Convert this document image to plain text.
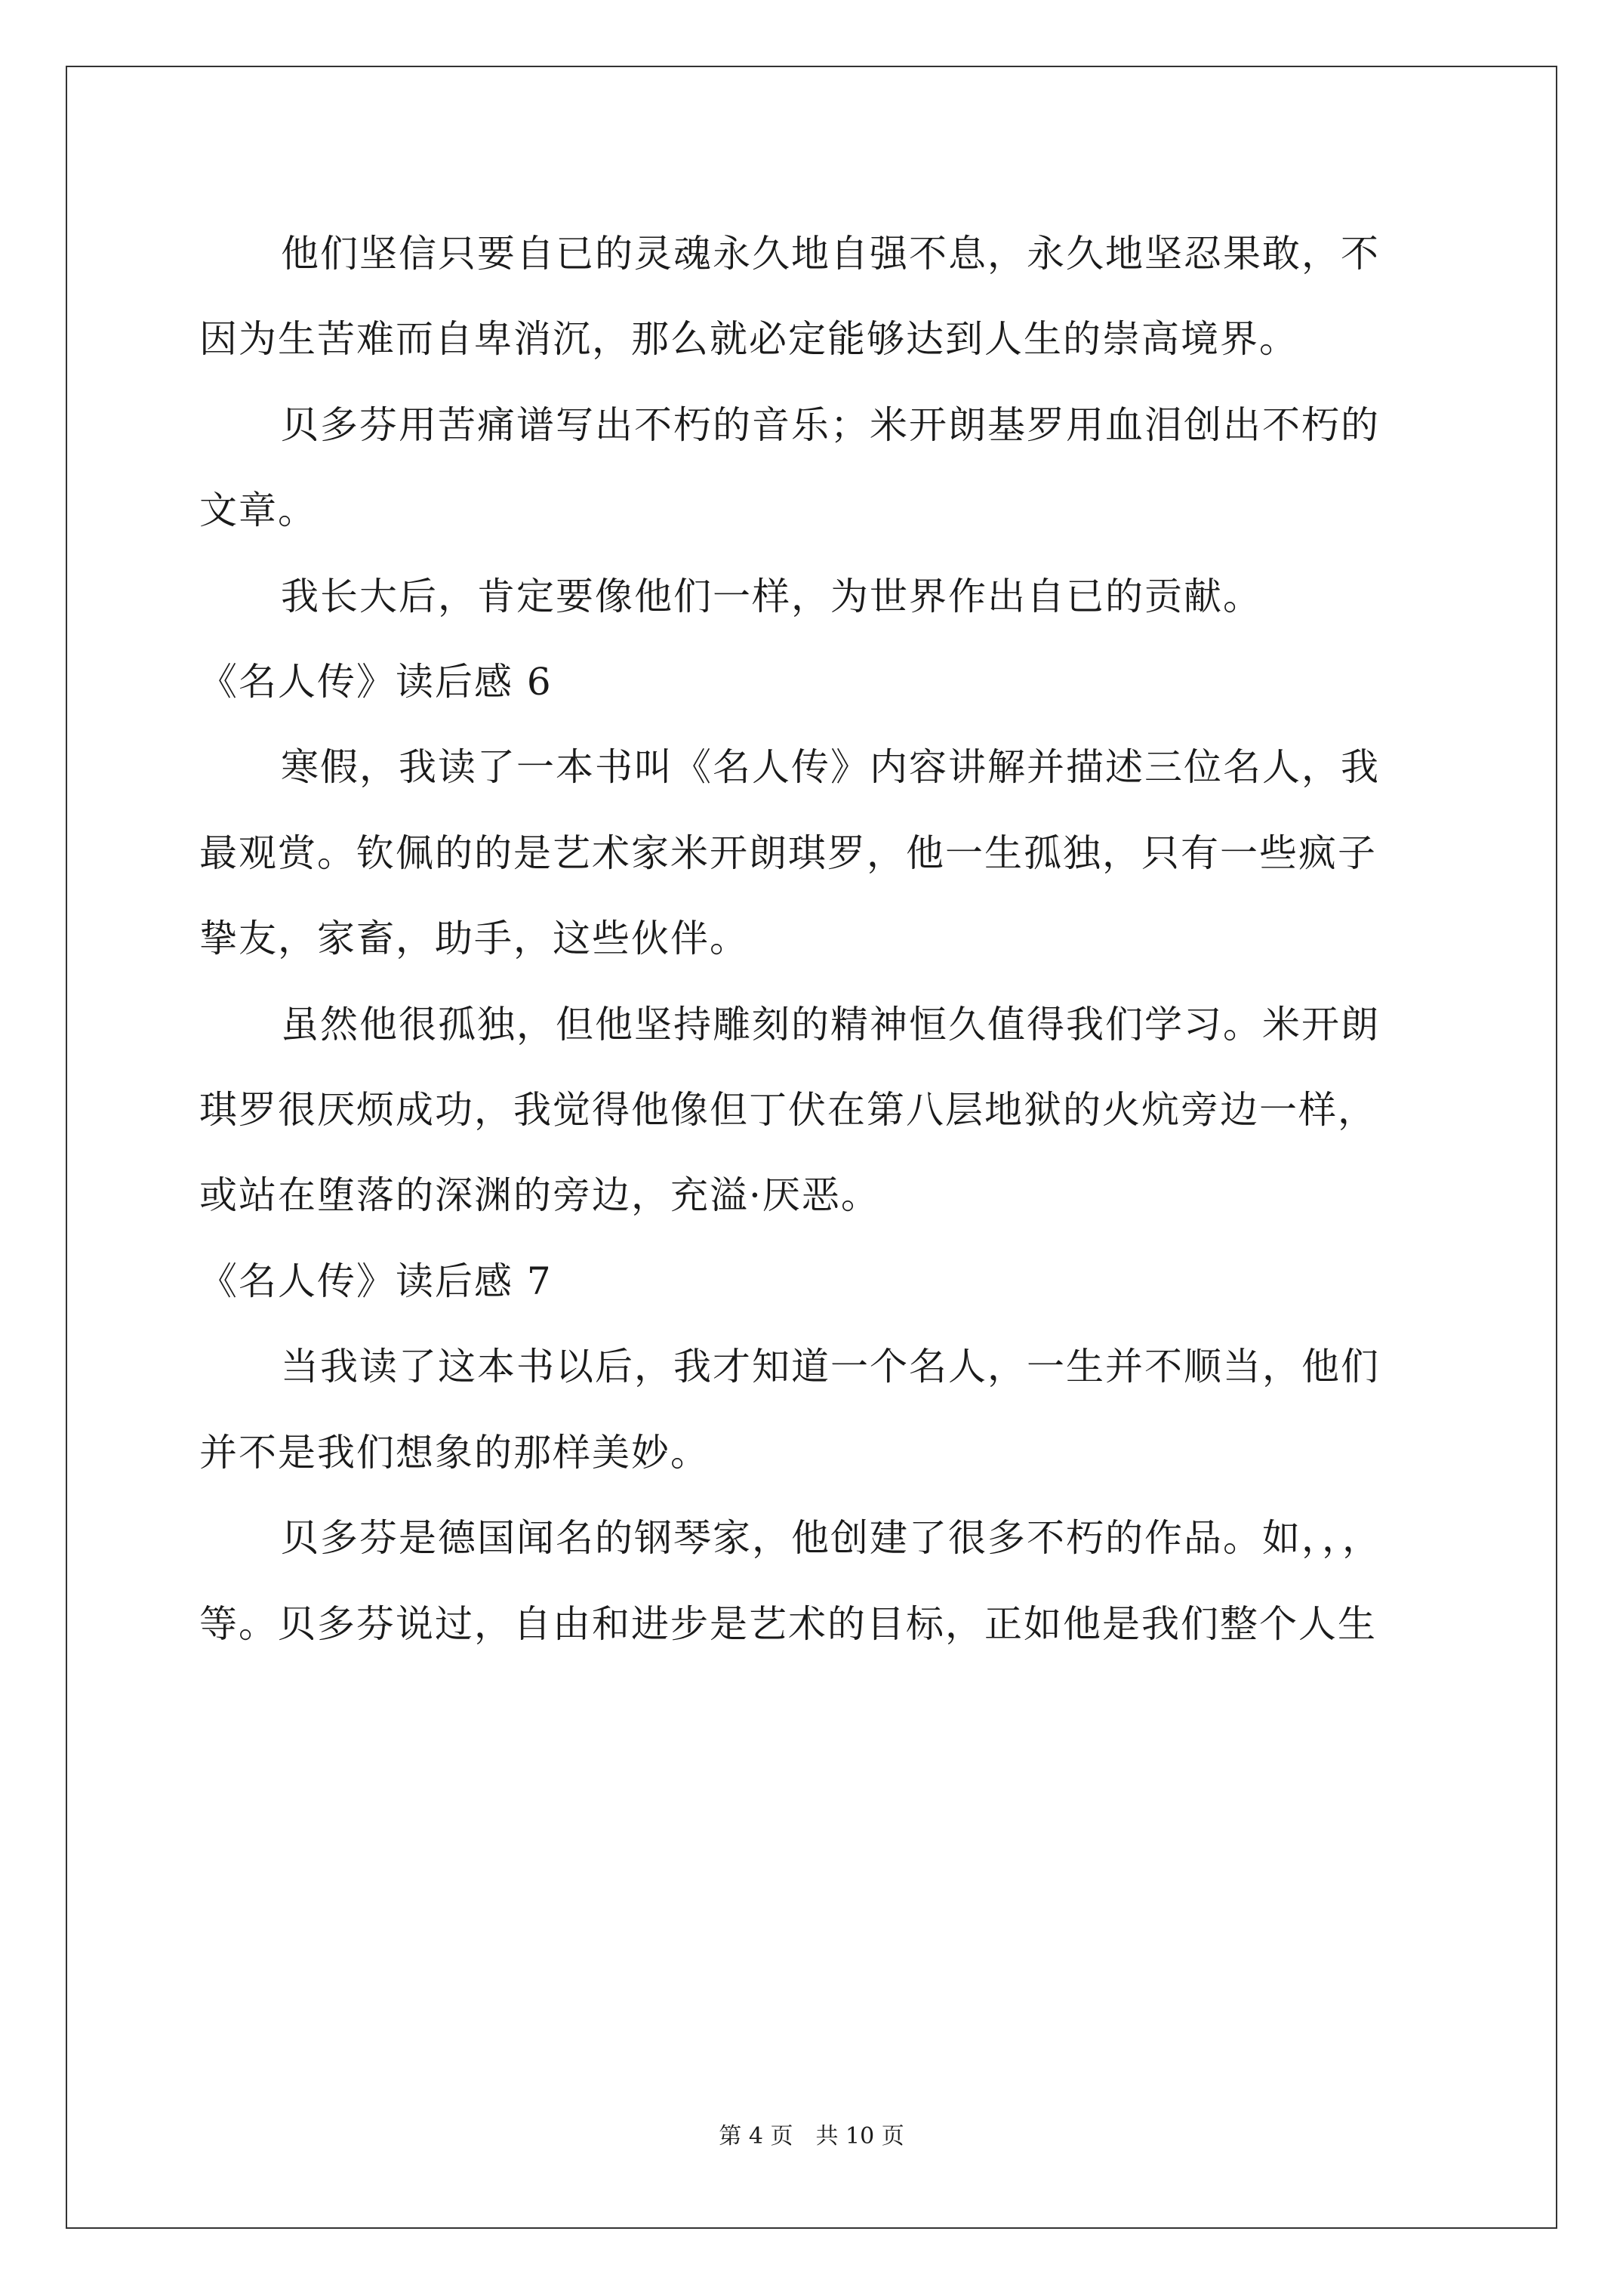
他们坚信只要自已的灵魂永久地自强不息，永久地坚忍果敢，不
因为生苦难而自卑消沉，那么就必定能够达到人生的崇高境界。
贝多芬用苦痛谱写出不朽的音乐；米开朗基罗用血泪创出不朽的
文章。
我长大后，肯定要像他们一样，为世界作出自已的贡献。
《名人传》读后感 6
寒假，我读了一本书叫《名人传》内容讲解并描述三位名人，我
最观赏。钦佩的的是艺术家米开朗琪罗，他一生孤独，只有一些疯子
挚友，家畜，助手，这些伙伴。
虽然他很孤独，但他坚持雕刻的精神恒久值得我们学习。米开朗
琪罗很厌烦成功，我觉得他像但丁伏在第八层地狱的火炕旁边一样，
或站在堕落的深渊的旁边，充溢·厌恶。
《名人传》读后感 7
当我读了这本书以后，我才知道一个名人，一生并不顺当，他们
并不是我们想象的那样美妙。
贝多芬是德国闻名的钢琴家，他创建了很多不朽的作品。如，，，
等。贝多芬说过，自由和进步是艺术的目标，正如他是我们整个人生
第 4 页　共 10 页
